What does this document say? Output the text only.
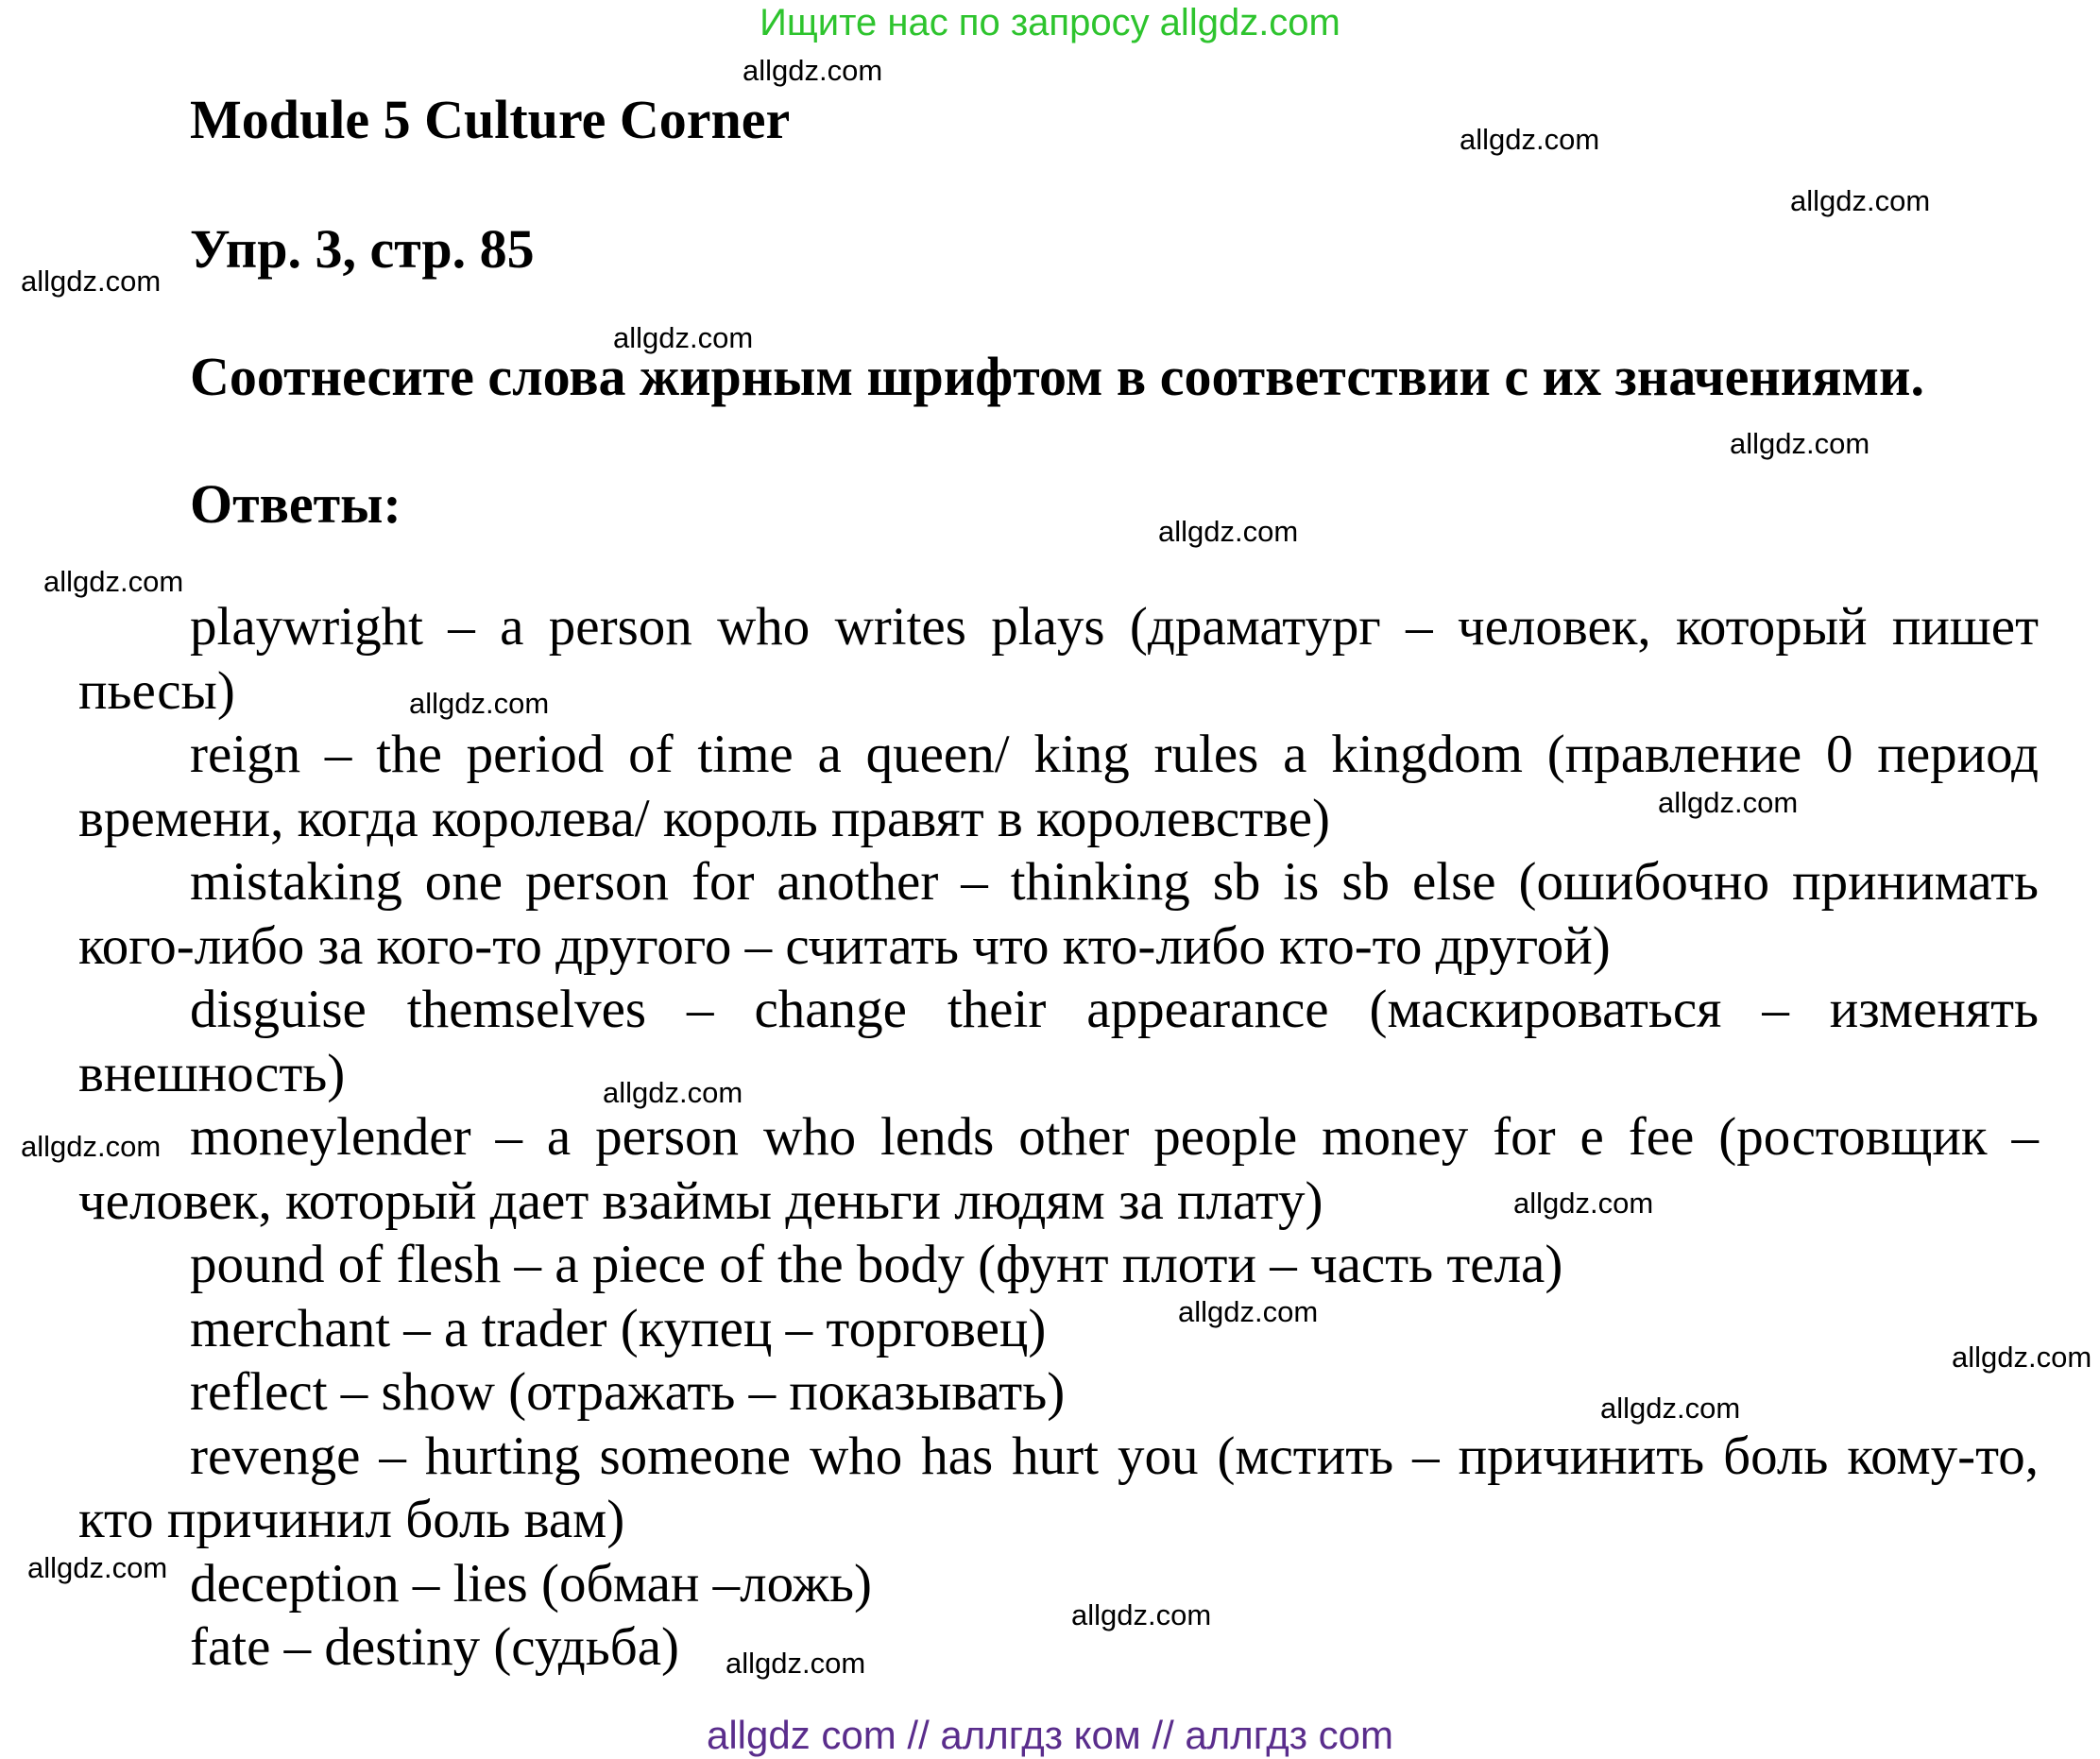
Ищите нас по запросу allgdz.com
Module 5 Culture Corner
Упр. 3, стр. 85
Соотнесите слова жирным шрифтом в соответствии с их значениями.
Ответы:

playwright – a person who writes plays (драматург – человек, который пишет пьесы)

reign – the period of time a queen/ king rules a kingdom (правление 0 период времени, когда королева/ король правят в королевстве)

mistaking one person for another – thinking sb is sb else (ошибочно принимать кого-либо за кого-то другого – считать что кто-либо кто-то другой)

disguise themselves – change their appearance (маскироваться – изменять внешность)

moneylender – a person who lends other people money for e fee (ростовщик – человек, который дает взаймы деньги людям за плату)

pound of flesh – a piece of the body (фунт плоти – часть тела)

merchant – a trader (купец – торговец)

reflect – show (отражать – показывать)

revenge – hurting someone who has hurt you (мстить – причинить боль кому-то, кто причинил боль вам)

deception – lies (обман –ложь)

fate – destiny (судьба)

allgdz.com
allgdz.com
allgdz.com
allgdz.com
allgdz.com
allgdz.com
allgdz.com
allgdz.com
allgdz.com
allgdz.com
allgdz.com
allgdz.com
allgdz.com
allgdz.com
allgdz.com
allgdz.com
allgdz.com
allgdz.com
allgdz.com
allgdz com // аллгдз ком // аллгдз com
